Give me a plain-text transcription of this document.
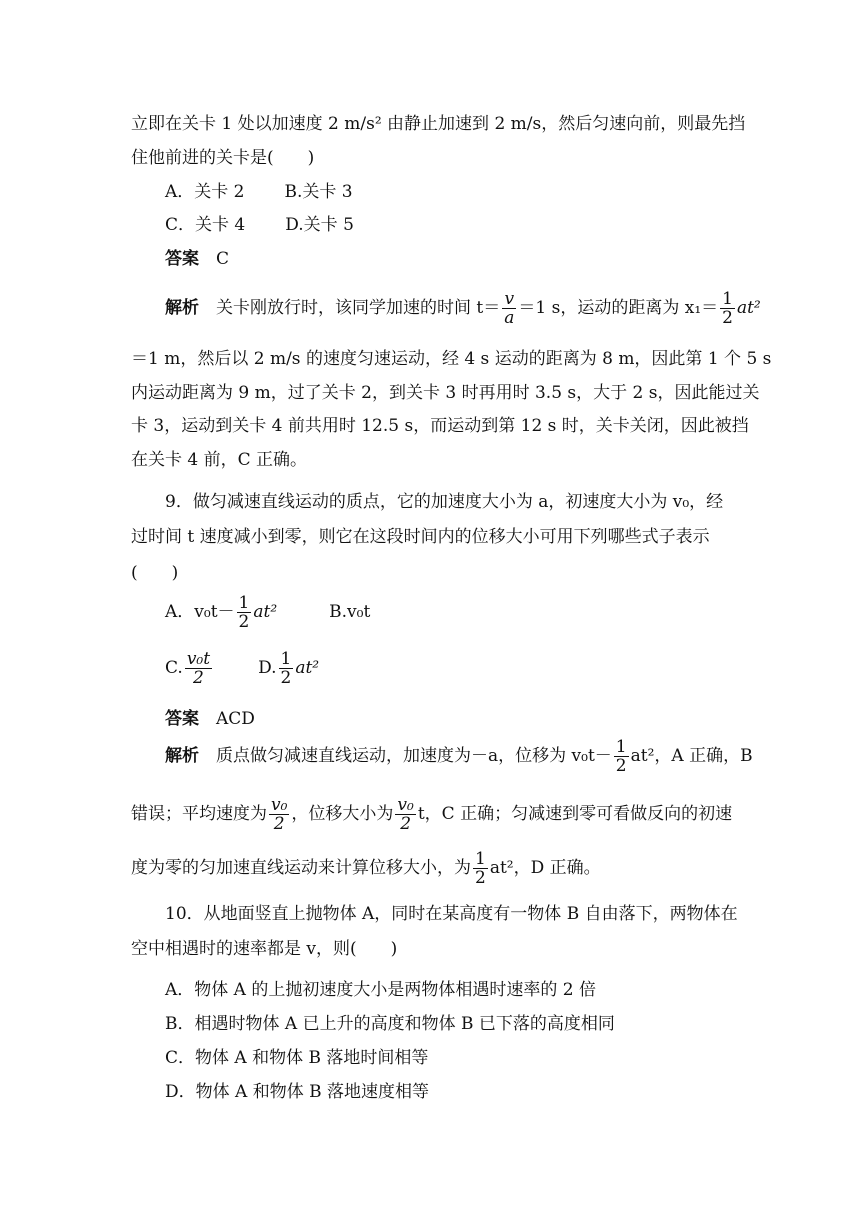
立即在关卡 1 处以加速度 2 m/s² 由静止加速到 2 m/s，然后匀速向前，则最先挡
住他前进的关卡是(　　)
A．关卡 2 B.关卡 3
C．关卡 4 D.关卡 5
答案　 C
解析　 关卡刚放行时，该同学加速的时间 $t= \frac{v}{a} =1$ s，运动的距离为 $x_1= \frac{1}{2} at^2$
＝1 m，然后以 2 m/s 的速度匀速运动，经 4 s 运动的距离为 8 m，因此第 1 个 5 s
内运动距离为 9 m，过了关卡 2，到关卡 3 时再用时 3.5 s，大于 2 s，因此能过关
卡 3，运动到关卡 4 前共用时 12.5 s，而运动到第 12 s 时，关卡关闭，因此被挡
在关卡 4 前，C 正确。
9．做匀减速直线运动的质点，它的加速度大小为 a，初速度大小为 v₀，经
过时间 t 速度减小到零，则它在这段时间内的位移大小可用下列哪些式子表示
(　　)
A．$v_0t- \frac{1}{2} at^2$	B.v₀t
C. $\frac{\text{v₀t}}{2}$	D. $\frac{1}{2} at^2$
答案　 ACD
解析　 质点做匀减速直线运动，加速度为－a，位移为 $v_0t- \frac{1}{2} at^2$，A 正确，B
错误；平均速度为 $\frac{\text{v₀}}{2}$ ，位移大小为 $\frac{\text{v₀}}{2}$ t，C 正确；匀减速到零可看做反向的初速
度为零的匀加速直线运动来计算位移大小，为 $\frac{1}{2} at^2$，D 正确。
10．从地面竖直上抛物体 A，同时在某高度有一物体 B 自由落下，两物体在
空中相遇时的速率都是 v，则(　　)
A．物体 A 的上抛初速度大小是两物体相遇时速率的 2 倍
B．相遇时物体 A 已上升的高度和物体 B 已下落的高度相同
C．物体 A 和物体 B 落地时间相等
D．物体 A 和物体 B 落地速度相等
